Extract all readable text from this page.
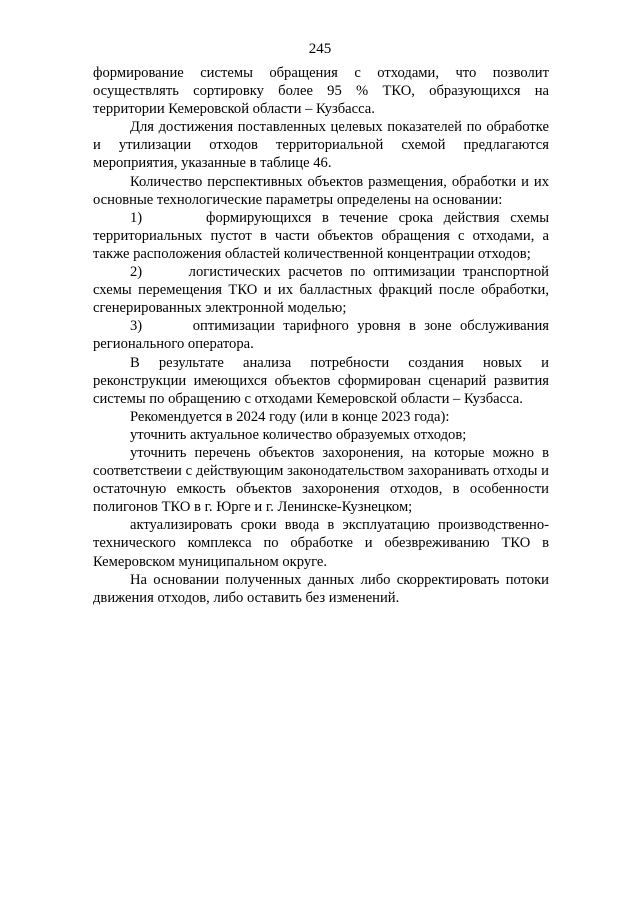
245

формирование системы обращения с отходами, что позволит осуществлять сортировку более 95 % ТКО, образующихся на территории Кемеровской области – Кузбасса.

Для достижения поставленных целевых показателей по обработке и утилизации отходов территориальной схемой предлагаются мероприятия, указанные в таблице 46.

Количество перспективных объектов размещения, обработки и их основные технологические параметры определены на основании:

1)      формирующихся в течение срока действия схемы территориальных пустот в части объектов обращения с отходами, а также расположения областей количественной концентрации отходов;

2)      логистических расчетов по оптимизации транспортной схемы перемещения ТКО и их балластных фракций после обработки, сгенерированных электронной моделью;

3)      оптимизации тарифного уровня в зоне обслуживания регионального оператора.

В результате анализа потребности создания новых и реконструкции имеющихся объектов сформирован сценарий развития системы по обращению с отходами Кемеровской области – Кузбасса.

Рекомендуется в 2024 году (или в конце 2023 года):

уточнить актуальное количество образуемых отходов;

уточнить перечень объектов захоронения, на которые можно в соответствеии с действующим законодательством захоранивать отходы и остаточную емкость объектов захоронения отходов, в особенности полигонов ТКО в г. Юрге и г. Ленинске-Кузнецком;

актуализировать сроки ввода в эксплуатацию производственно-технического комплекса по обработке и обезвреживанию ТКО в Кемеровском муниципальном округе.

На основании полученных данных либо скорректировать потоки движения отходов, либо оставить без изменений.
